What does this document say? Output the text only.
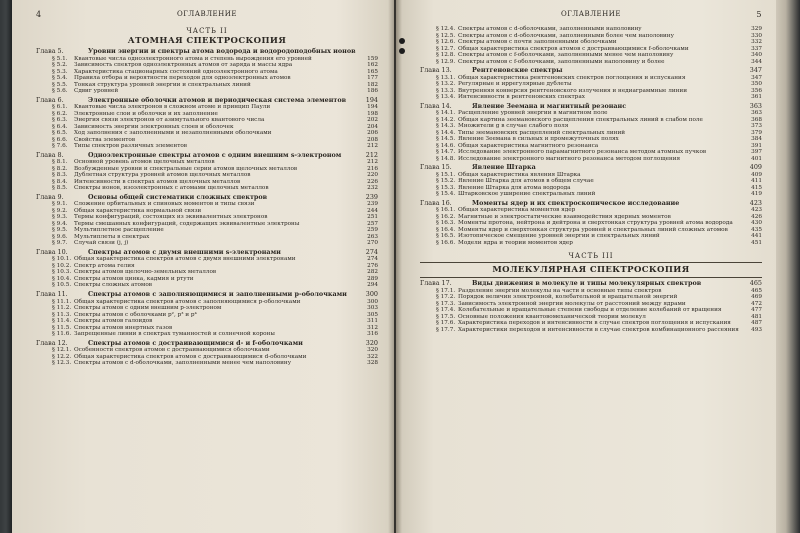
4	ОГЛАВЛЕНИЕ
ЧАСТЬ II
АТОМНАЯ СПЕКТРОСКОПИЯ
Глава 5.	Уровни энергии и спектры атома водорода и водородоподобных ионов
§ 5.1.	Квантовые числа одноэлектронного атома и степень вырождения его уровней	159
§ 5.2.	Зависимость спектров одноэлектронных атомов от заряда и массы ядра	162
§ 5.3.	Характеристика стационарных состояний одноэлектронного атома	165
§ 5.4.	Правила отбора и вероятности переходов для одноэлектронных атомов	177
§ 5.5.	Тонкая структура уровней энергии и спектральных линий	182
§ 5.6.	Сдвиг уровней	186
Глава 6.	Электронные оболочки атомов и периодическая система элементов	194
§ 6.1.	Квантовые числа электронов в сложном атоме и принцип Паули	194
§ 6.2.	Электронные слои и оболочки и их заполнение	198
§ 6.3.	Энергия связи электронов от азимутального квантового числа	202
§ 6.4.	Зависимость энергии электронных слоев и оболочек	204
§ 6.5.	Ход заполнения с заполненными и незаполненными оболочками	206
§ 6.6.	Свойства элементов	208
§ 7.6.	Типы спектров различных элементов	212
Глава 8.	Одноэлектронные спектры атомов с одним внешним s-электроном	212
§ 8.1.	Основной уровень атомов щелочных металлов	212
§ 8.2.	Возбужденные уровни и спектральные серии атомов щелочных металлов	216
§ 8.3.	Дублетная структура уровней атомов щелочных металлов	220
§ 8.4.	Интенсивности в спектрах атомов щелочных металлов	226
§ 8.5.	Спектры ионов, изоэлектронных с атомами щелочных металлов	232
Глава 9.	Основы общей систематики сложных спектров	239
§ 9.1.	Сложение орбитальных и спиновых моментов и типы связи	239
§ 9.2.	Общая характеристика нормальной связи	244
§ 9.3.	Термы конфигураций, состоящих из эквивалентных электронов	251
§ 9.4.	Термы смешанных конфигураций, содержащих эквивалентные электроны	257
§ 9.5.	Мультиплетное расщепление	259
§ 9.6.	Мультиплеты в спектрах	263
§ 9.7.	Случай связи (j, j)	270
Глава 10.	Спектры атомов с двумя внешними s-электронами	274
§ 10.1. Общая характеристика спектров атомов с двумя внешними электронами	274
§ 10.2. Спектр атома гелия	276
§ 10.3. Спектры атомов щелочно-земельных металлов	282
§ 10.4. Спектры атомов цинка, кадмия и ртути	289
§ 10.5. Спектры сложных атомов	294
Глава 11.	Спектры атомов с заполняющимися и заполненными p-оболочками	300
§ 11.1. Общая характеристика спектров атомов с заполняющимися p-оболочками	300
§ 11.2. Спектры атомов с одним внешним p-электроном	303
§ 11.3. Спектры атомов с оболочками p², p³ и p⁴	305
§ 11.4. Спектры атомов галоидов	311
§ 11.5. Спектры атомов инертных газов	312
§ 11.6. Запрещенные линии в спектрах туманностей и солнечной короны	316
Глава 12.	Спектры атомов с достраивающимися d- и f-оболочками	320
§ 12.1. Особенности спектров атомов с достраивающимися оболочками	320
§ 12.2. Общая характеристика спектров атомов с достраивающимися d-оболочками	322
§ 12.3. Спектры атомов с d-оболочками, заполненными менее чем наполовину	328
ОГЛАВЛЕНИЕ	5
§ 12.4. Спектры атомов с d-оболочками, заполненными наполовину	329
§ 12.5. Спектры атомов с d-оболочками, заполненными более чем наполовину	330
§ 12.6. Спектры атомов с почти заполненными оболочками	332
§ 12.7. Общая характеристика спектров атомов с достраивающимися f-оболочками	337
§ 12.8. Спектры атомов с f-оболочками, заполненными менее чем наполовину	340
§ 12.9. Спектры атомов с f-оболочками, заполненными наполовину и более	344
Глава 13.	Рентгеновские спектры	347
§ 13.1. Общая характеристика рентгеновских спектров поглощения и испускания	347
§ 13.2. Регулярные и иррегулярные дублеты	350
§ 13.3. Внутренняя конверсия рентгеновского излучения и недиаграммные линии	356
§ 13.4. Интенсивности в рентгеновских спектрах	361
Глава 14.	Явление Зеемана и магнитный резонанс	363
§ 14.1. Расщепление уровней энергии в магнитном поле	363
§ 14.2. Общая картина зеемановского расщепления спектральных линий в слабом поле	368
§ 14.3. Множители g в случае слабого поля	373
§ 14.4. Типы зеемановских расщеплений спектральных линий	379
§ 14.5. Явление Зеемана в сильных и промежуточных полях	384
§ 14.6. Общая характеристика магнитного резонанса	391
§ 14.7. Исследование электронного парамагнитного резонанса методом атомных пучков	397
§ 14.8. Исследование электронного магнитного резонанса методом поглощения	401
Глава 15.	Явление Штарка	409
§ 15.1. Общая характеристика явления Штарка	409
§ 15.2. Явление Штарка для атомов в общем случае	411
§ 15.3. Явление Штарка для атома водорода	415
§ 15.4. Штарковское уширение спектральных линий	419
Глава 16.	Моменты ядер и их спектроскопическое исследование	423
§ 16.1. Общая характеристика моментов ядер	423
§ 16.2. Магнитные и электростатические взаимодействия ядерных моментов	426
§ 16.3. Моменты протона, нейтрона и дейтрона и сверхтонкая структура уровней атома водорода	430
§ 16.4. Моменты ядер и сверхтонкая структура уровней и спектральных линий сложных атомов	435
§ 16.5. Изотопическое смещение уровней энергии и спектральных линий	441
§ 16.6. Модели ядра и теории моментов ядер	451
ЧАСТЬ III
МОЛЕКУЛЯРНАЯ СПЕКТРОСКОПИЯ
Глава 17.	Виды движения в молекуле и типы молекулярных спектров	465
§ 17.1. Разделение энергии молекулы на части и основные типы спектров	465
§ 17.2. Порядок величин электронной, колебательной и вращательной энергий	469
§ 17.3. Зависимость электронной энергии молекулы от расстояний между ядрами	472
§ 17.4. Колебательные и вращательные степени свободы и отделение колебаний от вращения	477
§ 17.5. Основные положения квантовомеханической теории молекул	481
§ 17.6. Характеристика переходов и интенсивности в случае спектров поглощения и испускания	487
§ 17.7. Характеристики переходов и интенсивности в случае спектров комбинационного рассеяния	493
